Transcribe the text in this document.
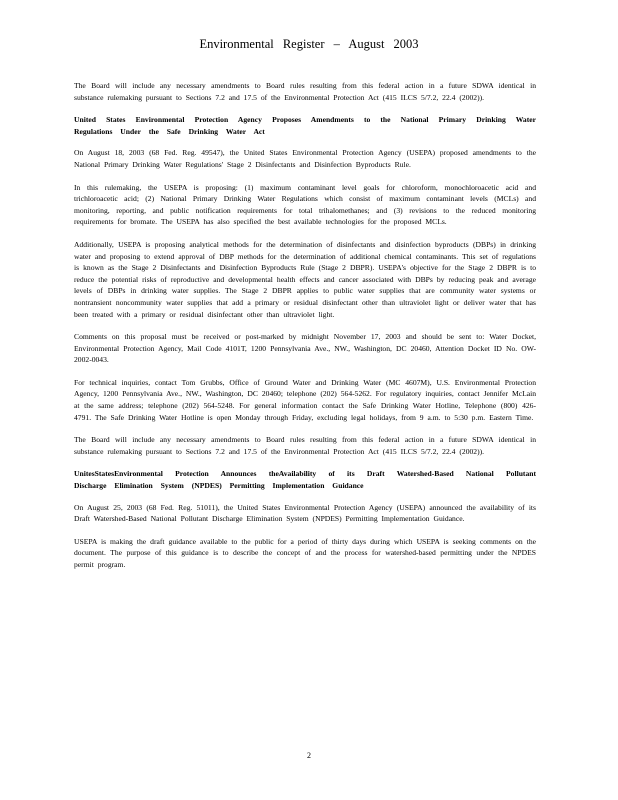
Environmental Register – August 2003

The Board will include any necessary amendments to Board rules resulting from this federal action in a future SDWA identical in substance rulemaking pursuant to Sections 7.2 and 17.5 of the Environmental Protection Act (415 ILCS 5/7.2, 22.4 (2002)).

United States Environmental Protection Agency Proposes Amendments to the National Primary Drinking Water Regulations Under the Safe Drinking Water Act

On August 18, 2003 (68 Fed. Reg. 49547), the United States Environmental Protection Agency (USEPA) proposed amendments to the National Primary Drinking Water Regulations' Stage 2 Disinfectants and Disinfection Byproducts Rule.

In this rulemaking, the USEPA is proposing: (1) maximum contaminant level goals for chloroform, monochloroacetic acid and trichloroacetic acid; (2) National Primary Drinking Water Regulations which consist of maximum contaminant levels (MCLs) and monitoring, reporting, and public notification requirements for total trihalomethanes; and (3) revisions to the reduced monitoring requirements for bromate. The USEPA has also specified the best available technologies for the proposed MCLs.

Additionally, USEPA is proposing analytical methods for the determination of disinfectants and disinfection byproducts (DBPs) in drinking water and proposing to extend approval of DBP methods for the determination of additional chemical contaminants. This set of regulations is known as the Stage 2 Disinfectants and Disinfection Byproducts Rule (Stage 2 DBPR). USEPA's objective for the Stage 2 DBPR is to reduce the potential risks of reproductive and developmental health effects and cancer associated with DBPs by reducing peak and average levels of DBPs in drinking water supplies. The Stage 2 DBPR applies to public water supplies that are community water systems or nontransient noncommunity water supplies that add a primary or residual disinfectant other than ultraviolet light or deliver water that has been treated with a primary or residual disinfectant other than ultraviolet light.

Comments on this proposal must be received or post-marked by midnight November 17, 2003 and should be sent to: Water Docket, Environmental Protection Agency, Mail Code 4101T, 1200 Pennsylvania Ave., NW., Washington, DC 20460, Attention Docket ID No. OW-2002-0043.

For technical inquiries, contact Tom Grubbs, Office of Ground Water and Drinking Water (MC 4607M), U.S. Environmental Protection Agency, 1200 Pennsylvania Ave., NW., Washington, DC 20460; telephone (202) 564-5262. For regulatory inquiries, contact Jennifer McLain at the same address; telephone (202) 564-5248. For general information contact the Safe Drinking Water Hotline, Telephone (800) 426-4791. The Safe Drinking Water Hotline is open Monday through Friday, excluding legal holidays, from 9 a.m. to 5:30 p.m. Eastern Time.

The Board will include any necessary amendments to Board rules resulting from this federal action in a future SDWA identical in substance rulemaking pursuant to Sections 7.2 and 17.5 of the Environmental Protection Act (415 ILCS 5/7.2, 22.4 (2002)).

UnitesStatesEnvironmental Protection Announces theAvailability of its Draft Watershed-Based National Pollutant Discharge Elimination System (NPDES) Permitting Implementation Guidance

On August 25, 2003 (68 Fed. Reg. 51011), the United States Environmental Protection Agency (USEPA) announced the availability of its Draft Watershed-Based National Pollutant Discharge Elimination System (NPDES) Permitting Implementation Guidance.

USEPA is making the draft guidance available to the public for a period of thirty days during which USEPA is seeking comments on the document. The purpose of this guidance is to describe the concept of and the process for watershed-based permitting under the NPDES permit program.

2
